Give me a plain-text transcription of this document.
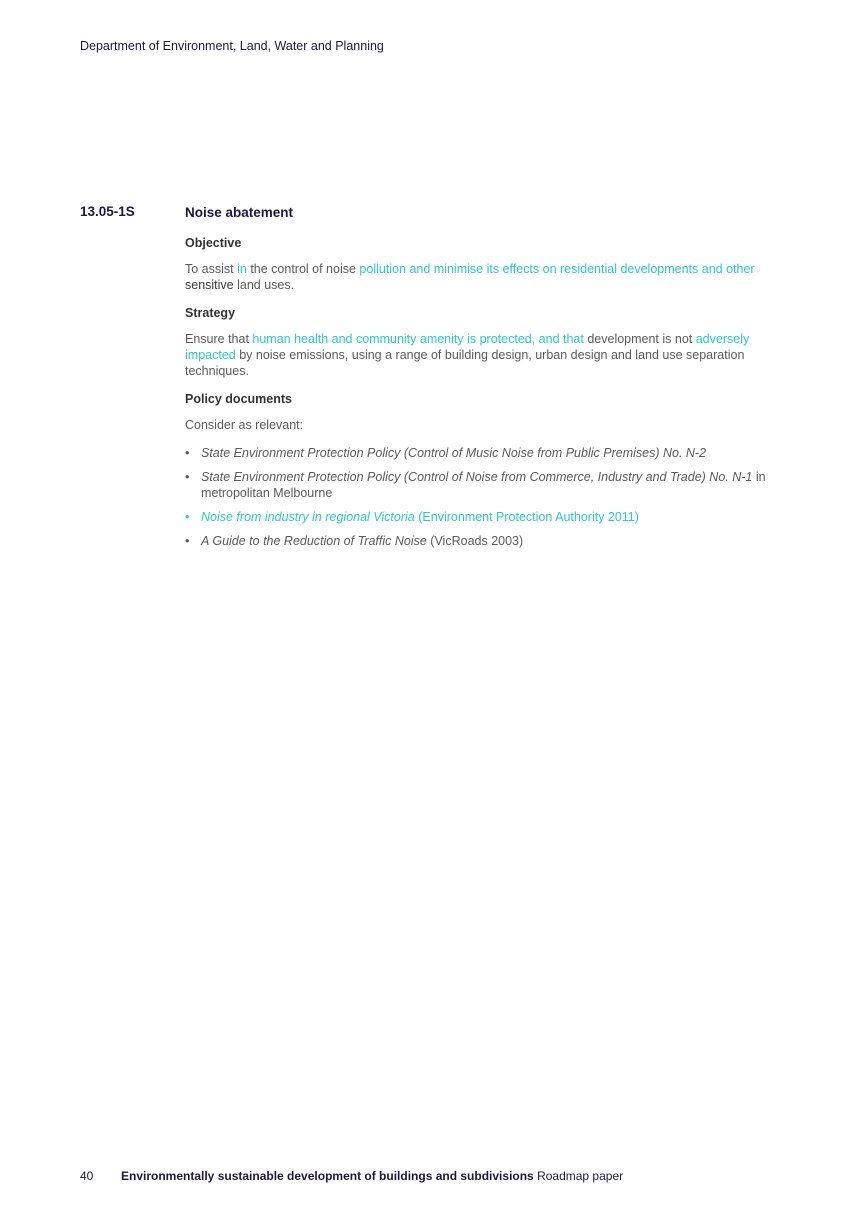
Department of Environment, Land, Water and Planning
13.05-1S	Noise abatement
Objective

To assist in the control of noise pollution and minimise its effects on residential developments and other sensitive land uses.

Strategy

Ensure that human health and community amenity is protected, and that development is not adversely impacted by noise emissions, using a range of building design, urban design and land use separation techniques.

Policy documents

Consider as relevant:

• State Environment Protection Policy (Control of Music Noise from Public Premises) No. N-2
• State Environment Protection Policy (Control of Noise from Commerce, Industry and Trade) No. N-1 in metropolitan Melbourne
• Noise from industry in regional Victoria (Environment Protection Authority 2011)
• A Guide to the Reduction of Traffic Noise (VicRoads 2003)
40 Environmentally sustainable development of buildings and subdivisions Roadmap paper
